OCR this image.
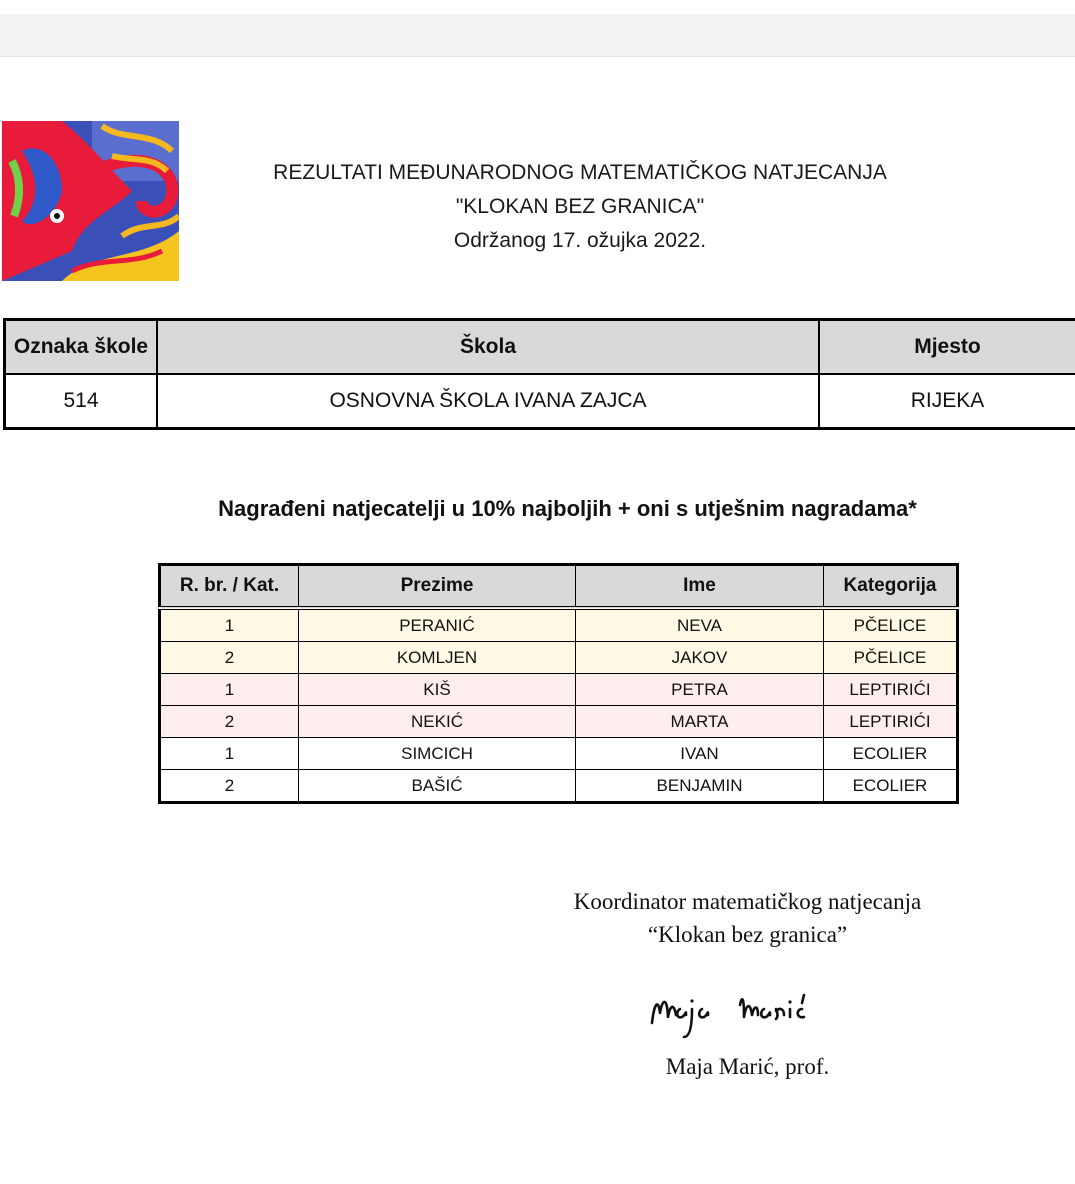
REZULTATI MEĐUNARODNOG MATEMATIČKOG NATJECANJA
"KLOKAN BEZ GRANICA"
Održanog 17. ožujka 2022.
Oznaka škole	Škola	Mjesto
514	OSNOVNA ŠKOLA IVANA ZAJCA	RIJEKA
Nagrađeni natjecatelji u 10% najboljih + oni s utješnim nagradama*
R. br. / Kat.	Prezime	Ime	Kategorija
1	PERANIĆ	NEVA	PČELICE
2	KOMLJEN	JAKOV	PČELICE
1	KIŠ	PETRA	LEPTIRIĆI
2	NEKIĆ	MARTA	LEPTIRIĆI
1	SIMCICH	IVAN	ECOLIER
2	BAŠIĆ	BENJAMIN	ECOLIER
Koordinator matematičkog natjecanja
“Klokan bez granica”
Maja Marić, prof.
